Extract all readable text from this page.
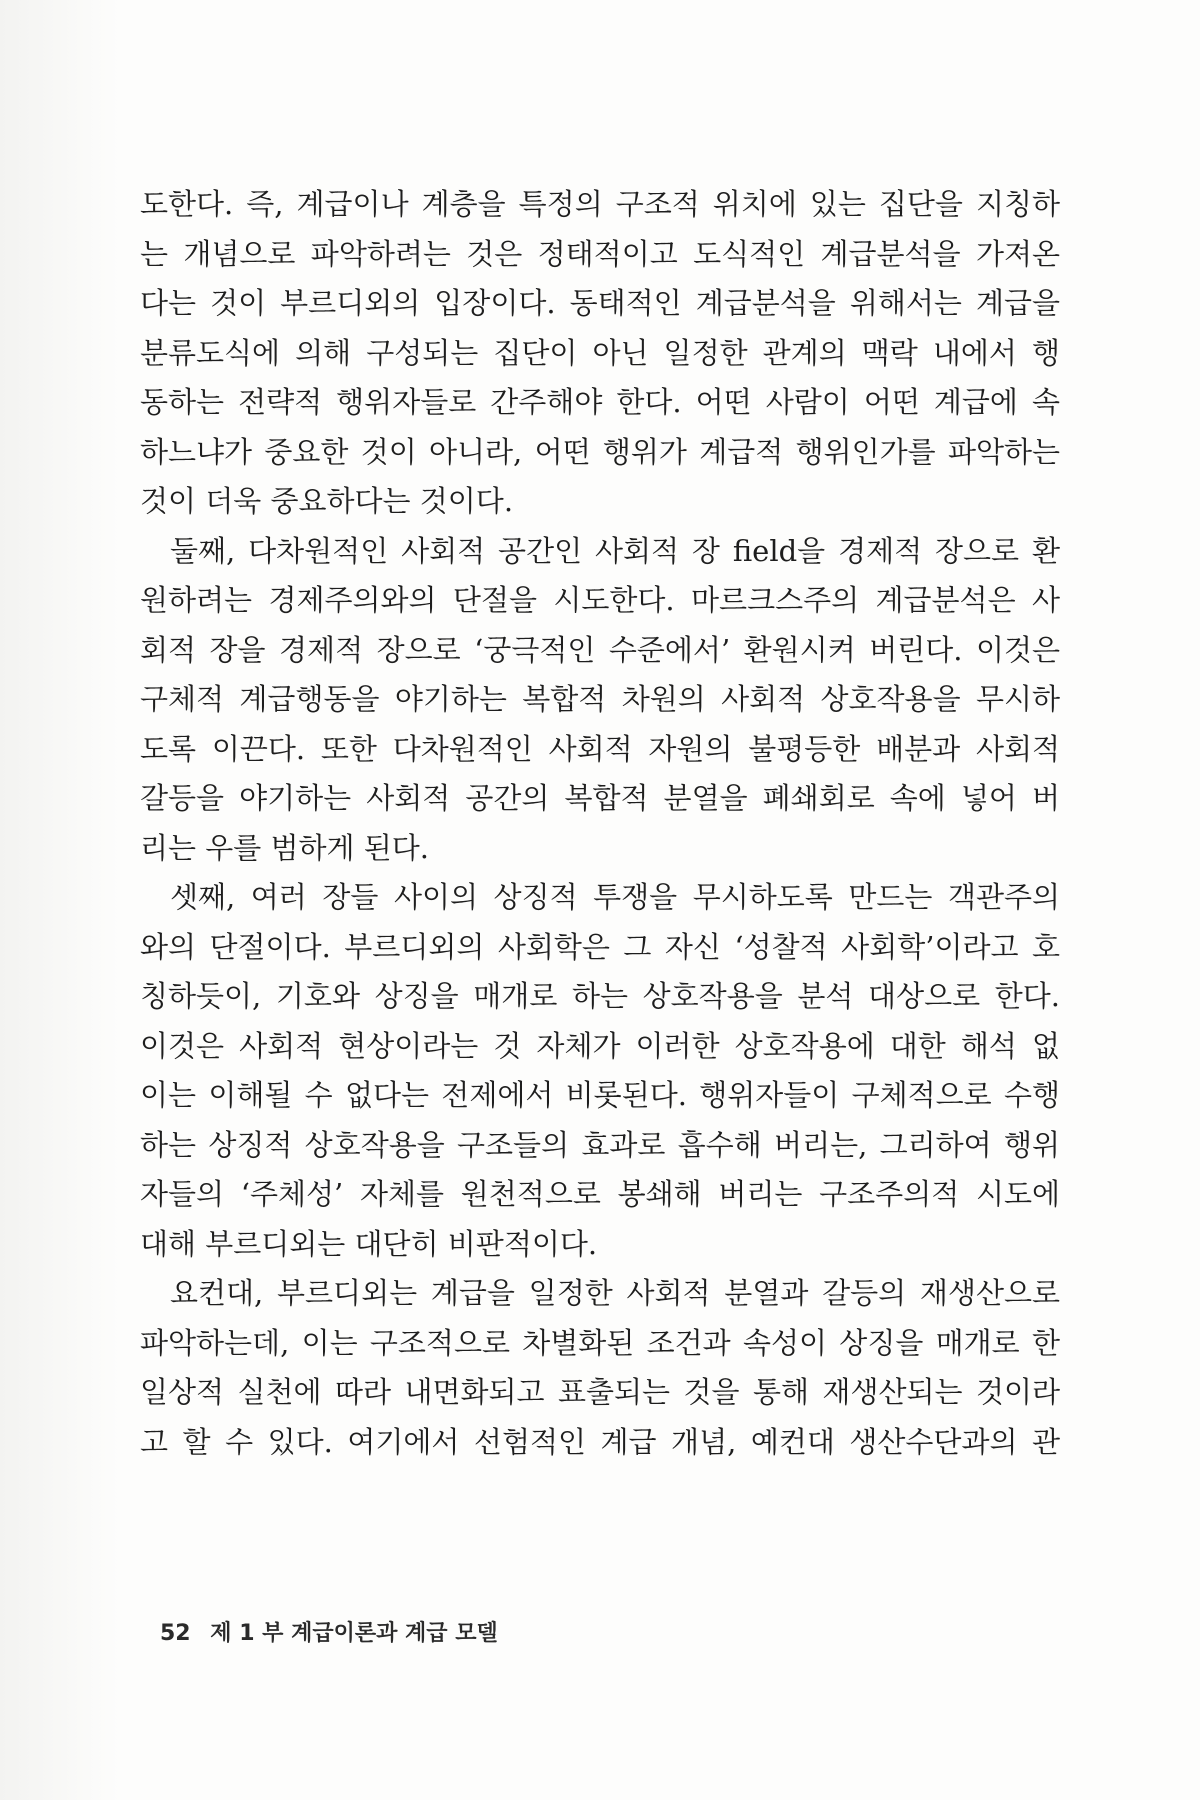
도한다. 즉, 계급이나 계층을 특정의 구조적 위치에 있는 집단을 지칭하
는 개념으로 파악하려는 것은 정태적이고 도식적인 계급분석을 가져온
다는 것이 부르디외의 입장이다. 동태적인 계급분석을 위해서는 계급을
분류도식에 의해 구성되는 집단이 아닌 일정한 관계의 맥락 내에서 행
동하는 전략적 행위자들로 간주해야 한다. 어떤 사람이 어떤 계급에 속
하느냐가 중요한 것이 아니라, 어떤 행위가 계급적 행위인가를 파악하는
것이 더욱 중요하다는 것이다.
둘째, 다차원적인 사회적 공간인 사회적 장 field을 경제적 장으로 환
원하려는 경제주의와의 단절을 시도한다. 마르크스주의 계급분석은 사
회적 장을 경제적 장으로 ‘궁극적인 수준에서’ 환원시켜 버린다. 이것은
구체적 계급행동을 야기하는 복합적 차원의 사회적 상호작용을 무시하
도록 이끈다. 또한 다차원적인 사회적 자원의 불평등한 배분과 사회적
갈등을 야기하는 사회적 공간의 복합적 분열을 폐쇄회로 속에 넣어 버
리는 우를 범하게 된다.
셋째, 여러 장들 사이의 상징적 투쟁을 무시하도록 만드는 객관주의
와의 단절이다. 부르디외의 사회학은 그 자신 ‘성찰적 사회학’이라고 호
칭하듯이, 기호와 상징을 매개로 하는 상호작용을 분석 대상으로 한다.
이것은 사회적 현상이라는 것 자체가 이러한 상호작용에 대한 해석 없
이는 이해될 수 없다는 전제에서 비롯된다. 행위자들이 구체적으로 수행
하는 상징적 상호작용을 구조들의 효과로 흡수해 버리는, 그리하여 행위
자들의 ‘주체성’ 자체를 원천적으로 봉쇄해 버리는 구조주의적 시도에
대해 부르디외는 대단히 비판적이다.
요컨대, 부르디외는 계급을 일정한 사회적 분열과 갈등의 재생산으로
파악하는데, 이는 구조적으로 차별화된 조건과 속성이 상징을 매개로 한
일상적 실천에 따라 내면화되고 표출되는 것을 통해 재생산되는 것이라
고 할 수 있다. 여기에서 선험적인 계급 개념, 예컨대 생산수단과의 관
52 제 1 부 계급이론과 계급 모델
